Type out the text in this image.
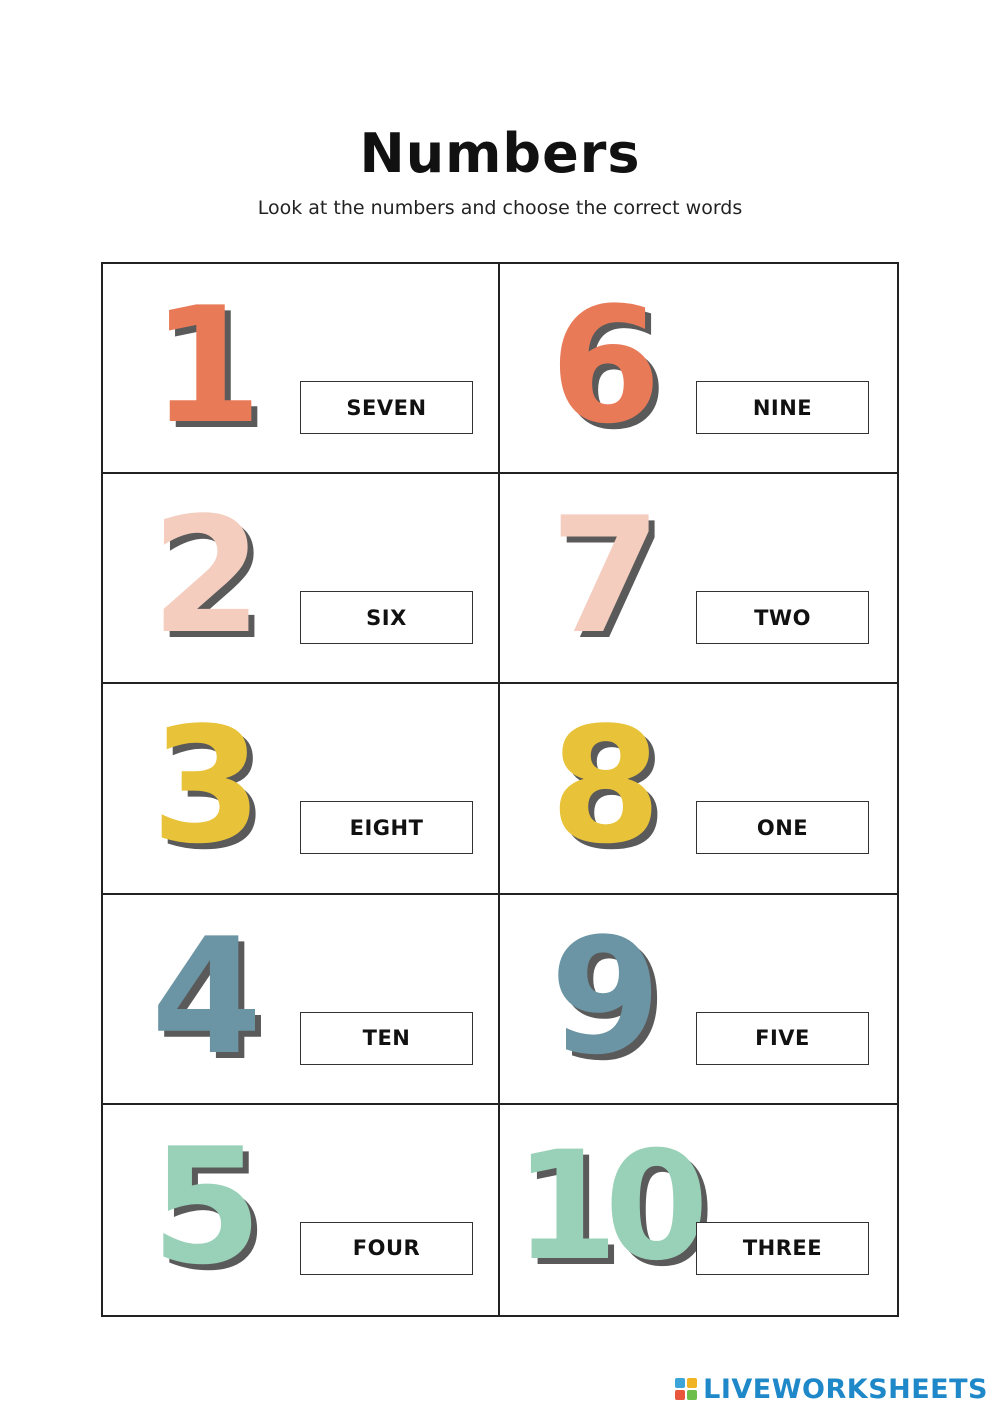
Numbers
Look at the numbers and choose the correct words
1	SEVEN 6	NINE
2	SIX 7	TWO
3	EIGHT 8	ONE
4	TEN 9	FIVE
5	FOUR 10	THREE
LIVEWORKSHEETS
